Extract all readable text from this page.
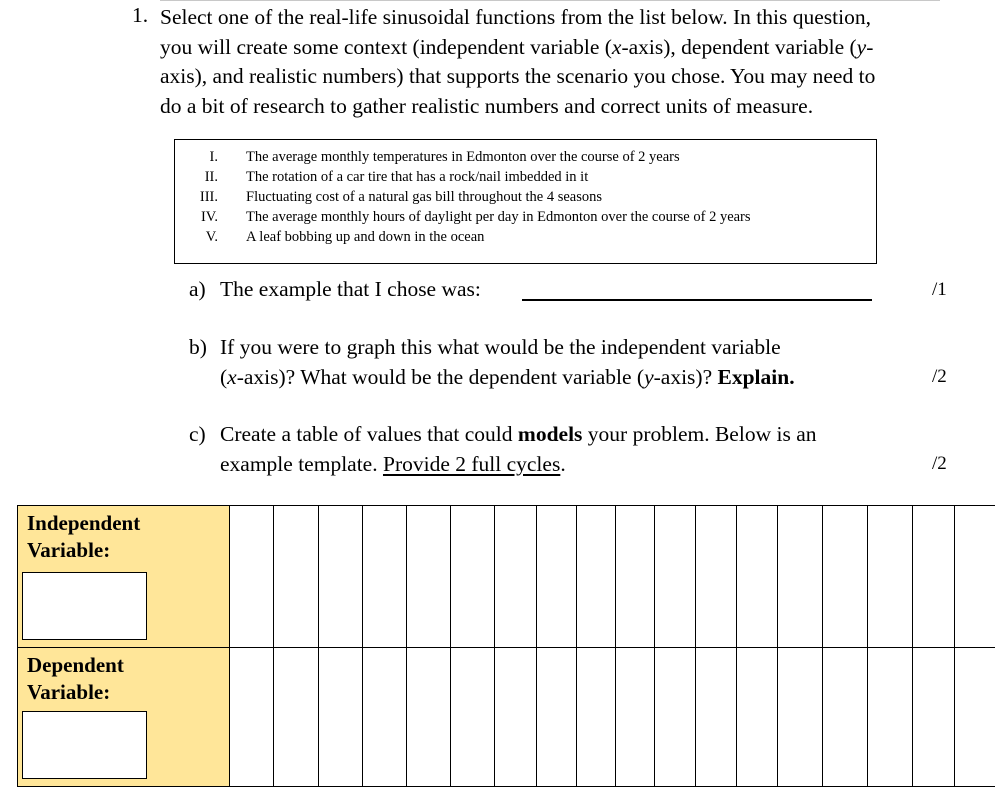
1. Select one of the real-life sinusoidal functions from the list below. In this question,
you will create some context (independent variable (x-axis), dependent variable (y-
axis), and realistic numbers) that supports the scenario you chose. You may need to
do a bit of research to gather realistic numbers and correct units of measure.
I. The average monthly temperatures in Edmonton over the course of 2 years
II. The rotation of a car tire that has a rock/nail imbedded in it
III. Fluctuating cost of a natural gas bill throughout the 4 seasons
IV. The average monthly hours of daylight per day in Edmonton over the course of 2 years
V. A leaf bobbing up and down in the ocean
a) The example that I chose was:	/1
b) If you were to graph this what would be the independent variable
(x-axis)? What would be the dependent variable (y-axis)? Explain.	/2
c) Create a table of values that could models your problem. Below is an
example template. Provide 2 full cycles.	/2
Independent
Variable:																		

Dependent
Variable:																		
